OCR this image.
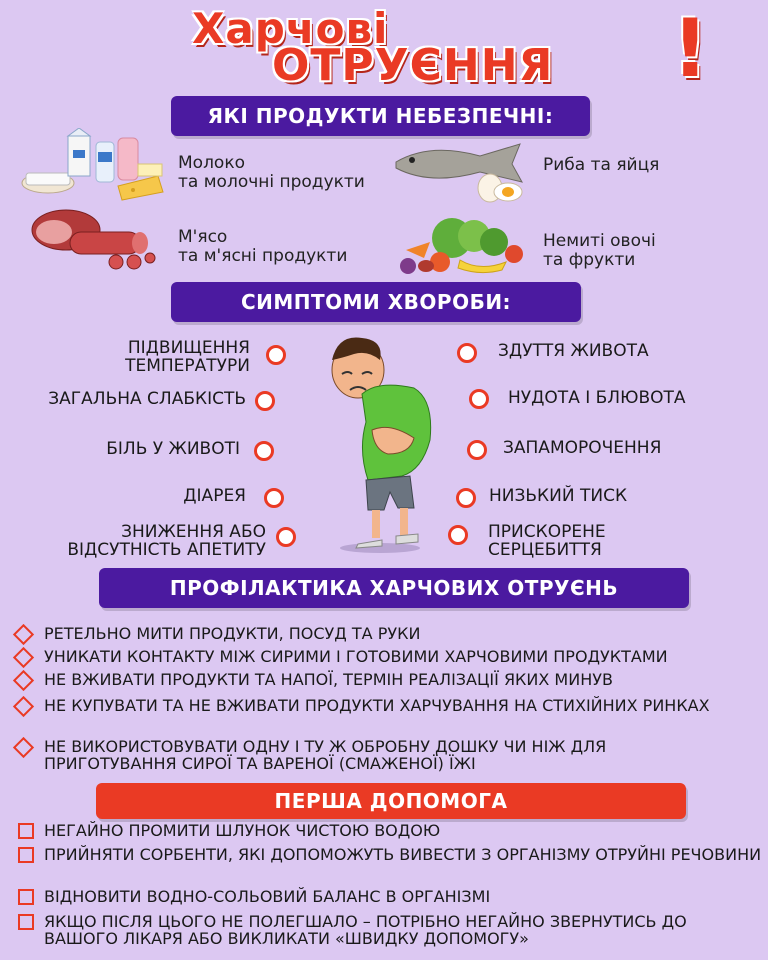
Харчові
ОТРУЄННЯ !
ЯКІ ПРОДУКТИ НЕБЕЗПЕЧНІ:
Молоко
та молочні продукти
Риба та яйця
М'ясо
та м'ясні продукти
Немиті овочі
та фрукти
СИМПТОМИ ХВОРОБИ:
ПІДВИЩЕННЯ
ТЕМПЕРАТУРИ
ЗАГАЛЬНА СЛАБКІСТЬ
БІЛЬ У ЖИВОТІ
ДІАРЕЯ
ЗНИЖЕННЯ АБО
ВІДСУТНІСТЬ АПЕТИТУ
ЗДУТТЯ ЖИВОТА
НУДОТА І БЛЮВОТА
ЗАПАМОРОЧЕННЯ
НИЗЬКИЙ ТИСК
ПРИСКОРЕНЕ
СЕРЦЕБИТТЯ
ПРОФІЛАКТИКА ХАРЧОВИХ ОТРУЄНЬ
РЕТЕЛЬНО МИТИ ПРОДУКТИ, ПОСУД ТА РУКИ
УНИКАТИ КОНТАКТУ МІЖ СИРИМИ І ГОТОВИМИ ХАРЧОВИМИ ПРОДУКТАМИ
НЕ ВЖИВАТИ ПРОДУКТИ ТА НАПОЇ, ТЕРМІН РЕАЛІЗАЦІЇ ЯКИХ МИНУВ
НЕ КУПУВАТИ ТА НЕ ВЖИВАТИ ПРОДУКТИ ХАРЧУВАННЯ НА СТИХІЙНИХ РИНКАХ
НЕ ВИКОРИСТОВУВАТИ ОДНУ І ТУ Ж ОБРОБНУ ДОШКУ ЧИ НІЖ ДЛЯ ПРИГОТУВАННЯ СИРОЇ ТА ВАРЕНОЇ (СМАЖЕНОЇ) ЇЖІ
ПЕРША ДОПОМОГА
НЕГАЙНО ПРОМИТИ ШЛУНОК ЧИСТОЮ ВОДОЮ
ПРИЙНЯТИ СОРБЕНТИ, ЯКІ ДОПОМОЖУТЬ ВИВЕСТИ З ОРГАНІЗМУ ОТРУЙНІ РЕЧОВИНИ
ВІДНОВИТИ ВОДНО-СОЛЬОВИЙ БАЛАНС В ОРГАНІЗМІ
ЯКЩО ПІСЛЯ ЦЬОГО НЕ ПОЛЕГШАЛО – ПОТРІБНО НЕГАЙНО ЗВЕРНУТИСЬ ДО ВАШОГО ЛІКАРЯ АБО ВИКЛИКАТИ «ШВИДКУ ДОПОМОГУ»
